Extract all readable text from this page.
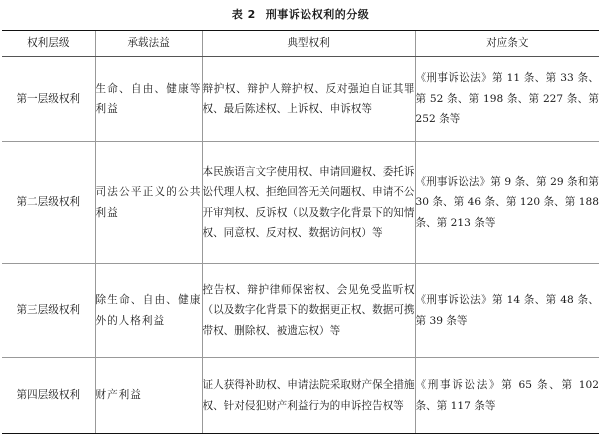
表 2 刑事诉讼权利的分级
权利层级	承载法益	典型权利	对应条文
第一层级权利	生命、自由、健康等利益	辩护权、辩护人辩护权、反对强迫自证其罪权、最后陈述权、上诉权、申诉权等	《刑事诉讼法》第 11 条、第 33 条、第 52 条、第 198 条、第 227 条、第 252 条等
第二层级权利	司法公平正义的公共利益	本民族语言文字使用权、申请回避权、委托诉讼代理人权、拒绝回答无关问题权、申请不公开审判权、反诉权（以及数字化背景下的知情权、同意权、反对权、数据访问权）等	《刑事诉讼法》第 9 条、第 29 条和第 30 条、第 46 条、第 120 条、第 188 条、第 213 条等
第三层级权利	除生命、自由、健康外的人格利益	控告权、辩护律师保密权、会见免受监听权（以及数字化背景下的数据更正权、数据可携带权、删除权、被遗忘权）等	《刑事诉讼法》第 14 条、第 48 条、第 39 条等
第四层级权利	财产利益	证人获得补助权、申请法院采取财产保全措施权、针对侵犯财产利益行为的申诉控告权等	《刑事诉讼法》第 65 条、第 102 条、第 117 条等
